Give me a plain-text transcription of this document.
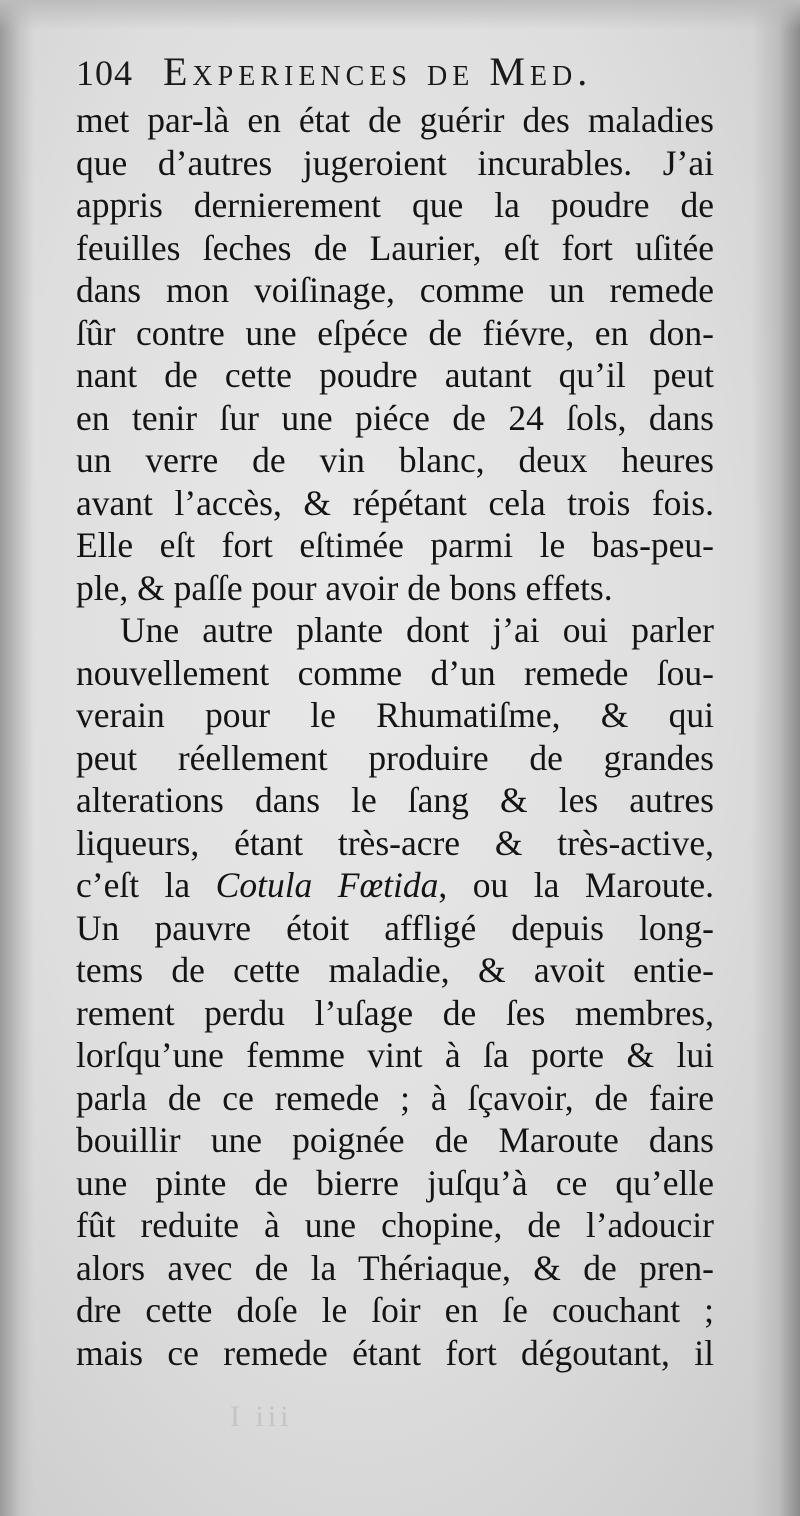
104 Experiences de Med.
met par-là en état de guérir des maladies
que d’autres jugeroient incurables. J’ai
appris dernierement que la poudre de
feuilles ſeches de Laurier, eſt fort uſitée
dans mon voiſinage, comme un remede
ſûr contre une eſpéce de fiévre, en don-
nant de cette poudre autant qu’il peut
en tenir ſur une piéce de 24 ſols, dans
un verre de vin blanc, deux heures
avant l’accès, & répétant cela trois fois.
Elle eſt fort eſtimée parmi le bas-peu-
ple, & paſſe pour avoir de bons effets.
Une autre plante dont j’ai oui parler
nouvellement comme d’un remede ſou-
verain pour le Rhumatiſme, & qui
peut réellement produire de grandes
alterations dans le ſang & les autres
liqueurs, étant très-acre & très-active,
c’eſt la Cotula Fœtida, ou la Maroute.
Un pauvre étoit affligé depuis long-
tems de cette maladie, & avoit entie-
rement perdu l’uſage de ſes membres,
lorſqu’une femme vint à ſa porte & lui
parla de ce remede ; à ſçavoir, de faire
bouillir une poignée de Maroute dans
une pinte de bierre juſqu’à ce qu’elle
fût reduite à une chopine, de l’adoucir
alors avec de la Thériaque, & de pren-
dre cette doſe le ſoir en ſe couchant ;
mais ce remede étant fort dégoutant, il
I iii
